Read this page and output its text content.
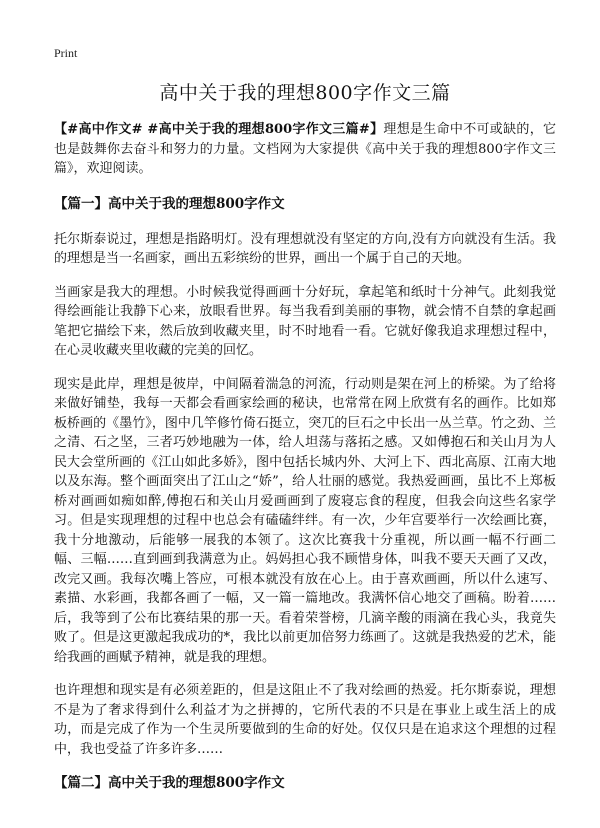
Print
高中关于我的理想800字作文三篇

【#高中作文# #高中关于我的理想800字作文三篇#】理想是生命中不可或缺的，它也是鼓舞你去奋斗和努力的力量。文档网为大家提供《高中关于我的理想800字作文三篇》，欢迎阅读。

【篇一】高中关于我的理想800字作文

托尔斯泰说过，理想是指路明灯。没有理想就没有坚定的方向,没有方向就没有生活。我的理想是当一名画家，画出五彩缤纷的世界，画出一个属于自己的天地。

当画家是我大的理想。小时候我觉得画画十分好玩，拿起笔和纸时十分神气。此刻我觉得绘画能让我静下心来，放眼看世界。每当我看到美丽的事物，就会情不自禁的拿起画笔把它描绘下来，然后放到收藏夹里，时不时地看一看。它就好像我追求理想过程中，在心灵收藏夹里收藏的完美的回忆。

现实是此岸，理想是彼岸，中间隔着湍急的河流，行动则是架在河上的桥梁。为了给将来做好铺垫，我每一天都会看画家绘画的秘诀，也常常在网上欣赏有名的画作。比如郑板桥画的《墨竹》，图中几竿修竹倚石挺立，突兀的巨石之中长出一丛兰草。竹之劲、兰之清、石之坚，三者巧妙地融为一体，给人坦荡与落拓之感。又如傅抱石和关山月为人民大会堂所画的《江山如此多娇》，图中包括长城内外、大河上下、西北高原、江南大地以及东海。整个画面突出了江山之“娇”，给人壮丽的感觉。我热爱画画，虽比不上郑板桥对画画如痴如醉,傅抱石和关山月爱画画到了废寝忘食的程度，但我会向这些名家学习。但是实现理想的过程中也总会有磕磕绊绊。有一次，少年宫要举行一次绘画比赛，我十分地激动，后能够一展我的本领了。这次比赛我十分重视，所以画一幅不行画二幅、三幅……直到画到我满意为止。妈妈担心我不顾惜身体，叫我不要天天画了又改，改完又画。我每次嘴上答应，可根本就没有放在心上。由于喜欢画画，所以什么速写、素描、水彩画，我都各画了一幅，又一篇一篇地改。我满怀信心地交了画稿。盼着……后，我等到了公布比赛结果的那一天。看着荣誉榜，几滴辛酸的雨滴在我心头，我竟失败了。但是这更激起我成功的*，我比以前更加倍努力练画了。这就是我热爱的艺术，能给我画的画赋予精神，就是我的理想。

也许理想和现实是有必须差距的，但是这阻止不了我对绘画的热爱。托尔斯泰说，理想不是为了奢求得到什么利益才为之拼搏的，它所代表的不只是在事业上或生活上的成功，而是完成了作为一个生灵所要做到的生命的好处。仅仅只是在追求这个理想的过程中，我也受益了许多许多……

【篇二】高中关于我的理想800字作文
